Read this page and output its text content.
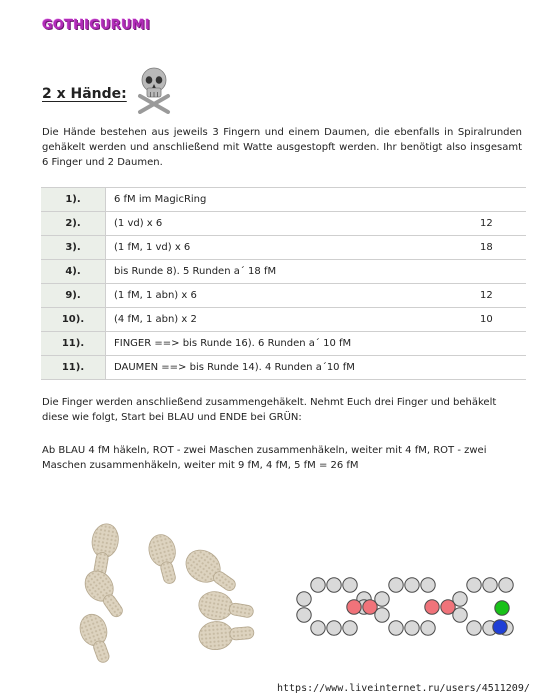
GOTHIGURUMI
2 x Hände:

Die Hände bestehen aus jeweils 3 Fingern und einem Daumen, die ebenfalls in Spiralrunden gehäkelt werden und anschließend mit Watte ausgestopft werden. Ihr benötigt also insgesamt 6 Finger und 2 Daumen.

1).	6 fM im MagicRing	
2).	(1 vd) x 6	12
3).	(1 fM, 1 vd) x 6	18
4).	bis Runde 8). 5 Runden a´ 18 fM	
9).	(1 fM, 1 abn) x 6	12
10).	(4 fM, 1 abn) x 2	10
11).	FINGER ==> bis Runde 16). 6 Runden a´ 10 fM	
11).	DAUMEN ==> bis Runde 14). 4 Runden a´10 fM	

Die Finger werden anschließend zusammengehäkelt. Nehmt Euch drei Finger und behäkelt diese wie folgt, Start bei BLAU und ENDE bei GRÜN:

Ab BLAU 4 fM häkeln, ROT - zwei Maschen zusammenhäkeln, weiter mit 4 fM, ROT - zwei Maschen zusammenhäkeln, weiter mit 9 fM, 4 fM, 5 fM = 26 fM

https://www.liveinternet.ru/users/4511209/
